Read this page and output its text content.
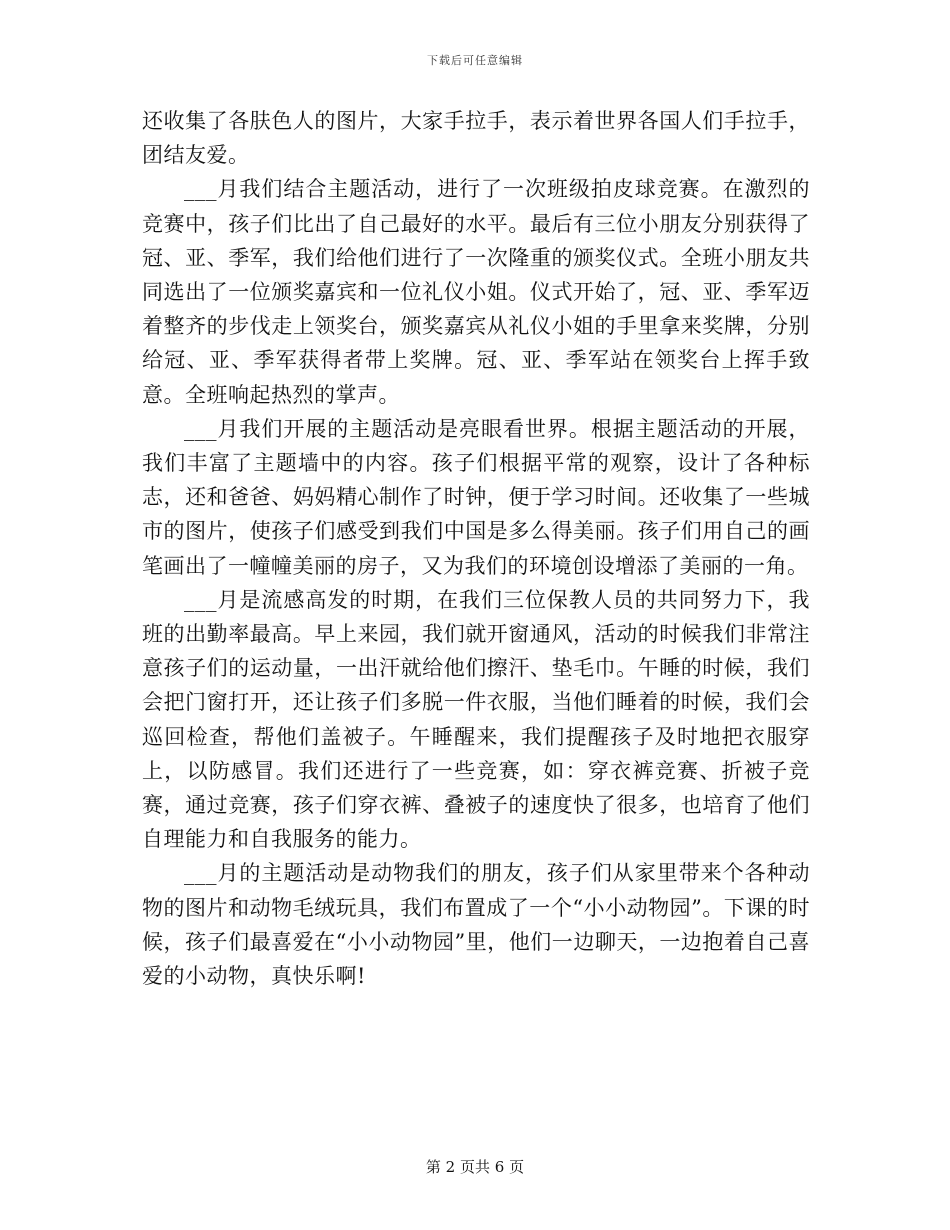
下载后可任意编辑

还收集了各肤色人的图片，大家手拉手，表示着世界各国人们手拉手，团结友爱。

___月我们结合主题活动，进行了一次班级拍皮球竞赛。在激烈的竞赛中，孩子们比出了自己最好的水平。最后有三位小朋友分别获得了冠、亚、季军，我们给他们进行了一次隆重的颁奖仪式。全班小朋友共同选出了一位颁奖嘉宾和一位礼仪小姐。仪式开始了，冠、亚、季军迈着整齐的步伐走上领奖台，颁奖嘉宾从礼仪小姐的手里拿来奖牌，分别给冠、亚、季军获得者带上奖牌。冠、亚、季军站在领奖台上挥手致意。全班响起热烈的掌声。

___月我们开展的主题活动是亮眼看世界。根据主题活动的开展，我们丰富了主题墙中的内容。孩子们根据平常的观察，设计了各种标志，还和爸爸、妈妈精心制作了时钟，便于学习时间。还收集了一些城市的图片，使孩子们感受到我们中国是多么得美丽。孩子们用自己的画笔画出了一幢幢美丽的房子，又为我们的环境创设增添了美丽的一角。

___月是流感高发的时期，在我们三位保教人员的共同努力下，我班的出勤率最高。早上来园，我们就开窗通风，活动的时候我们非常注意孩子们的运动量，一出汗就给他们擦汗、垫毛巾。午睡的时候，我们会把门窗打开，还让孩子们多脱一件衣服，当他们睡着的时候，我们会巡回检查，帮他们盖被子。午睡醒来，我们提醒孩子及时地把衣服穿上，以防感冒。我们还进行了一些竞赛，如：穿衣裤竞赛、折被子竞赛，通过竞赛，孩子们穿衣裤、叠被子的速度快了很多，也培育了他们自理能力和自我服务的能力。

___月的主题活动是动物我们的朋友，孩子们从家里带来个各种动物的图片和动物毛绒玩具，我们布置成了一个“小小动物园”。下课的时候，孩子们最喜爱在“小小动物园”里，他们一边聊天，一边抱着自己喜爱的小动物，真快乐啊!

第 2 页共 6 页
